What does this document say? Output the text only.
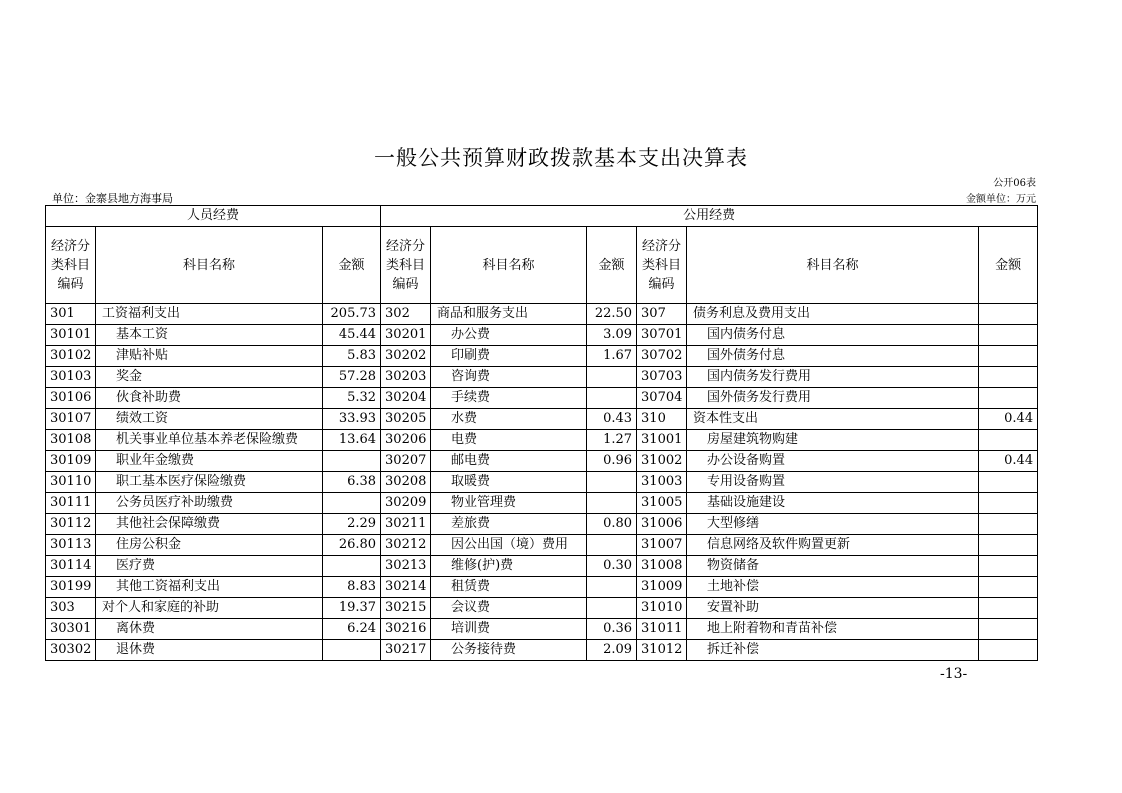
一般公共预算财政拨款基本支出决算表
公开06表
单位：金寨县地方海事局	金额单位：万元
人员经费			公用经费					
经济分类科目编码	科目名称	金额	经济分类科目编码	科目名称	金额	经济分类科目编码	科目名称	金额
301	工资福利支出	205.73	302	商品和服务支出	22.50	307	债务利息及费用支出	
30101	基本工资	45.44	30201	办公费	3.09	30701	国内债务付息	
30102	津贴补贴	5.83	30202	印刷费	1.67	30702	国外债务付息	
30103	奖金	57.28	30203	咨询费		30703	国内债务发行费用	
30106	伙食补助费	5.32	30204	手续费		30704	国外债务发行费用	
30107	绩效工资	33.93	30205	水费	0.43	310	资本性支出	0.44
30108	机关事业单位基本养老保险缴费	13.64	30206	电费	1.27	31001	房屋建筑物购建	
30109	职业年金缴费		30207	邮电费	0.96	31002	办公设备购置	0.44
30110	职工基本医疗保险缴费	6.38	30208	取暖费		31003	专用设备购置	
30111	公务员医疗补助缴费		30209	物业管理费		31005	基础设施建设	
30112	其他社会保障缴费	2.29	30211	差旅费	0.80	31006	大型修缮	
30113	住房公积金	26.80	30212	因公出国（境）费用		31007	信息网络及软件购置更新	
30114	医疗费		30213	维修(护)费	0.30	31008	物资储备	
30199	其他工资福利支出	8.83	30214	租赁费		31009	土地补偿	
303	对个人和家庭的补助	19.37	30215	会议费		31010	安置补助	
30301	离休费	6.24	30216	培训费	0.36	31011	地上附着物和青苗补偿	
30302	退休费		30217	公务接待费	2.09	31012	拆迁补偿	
-13-
